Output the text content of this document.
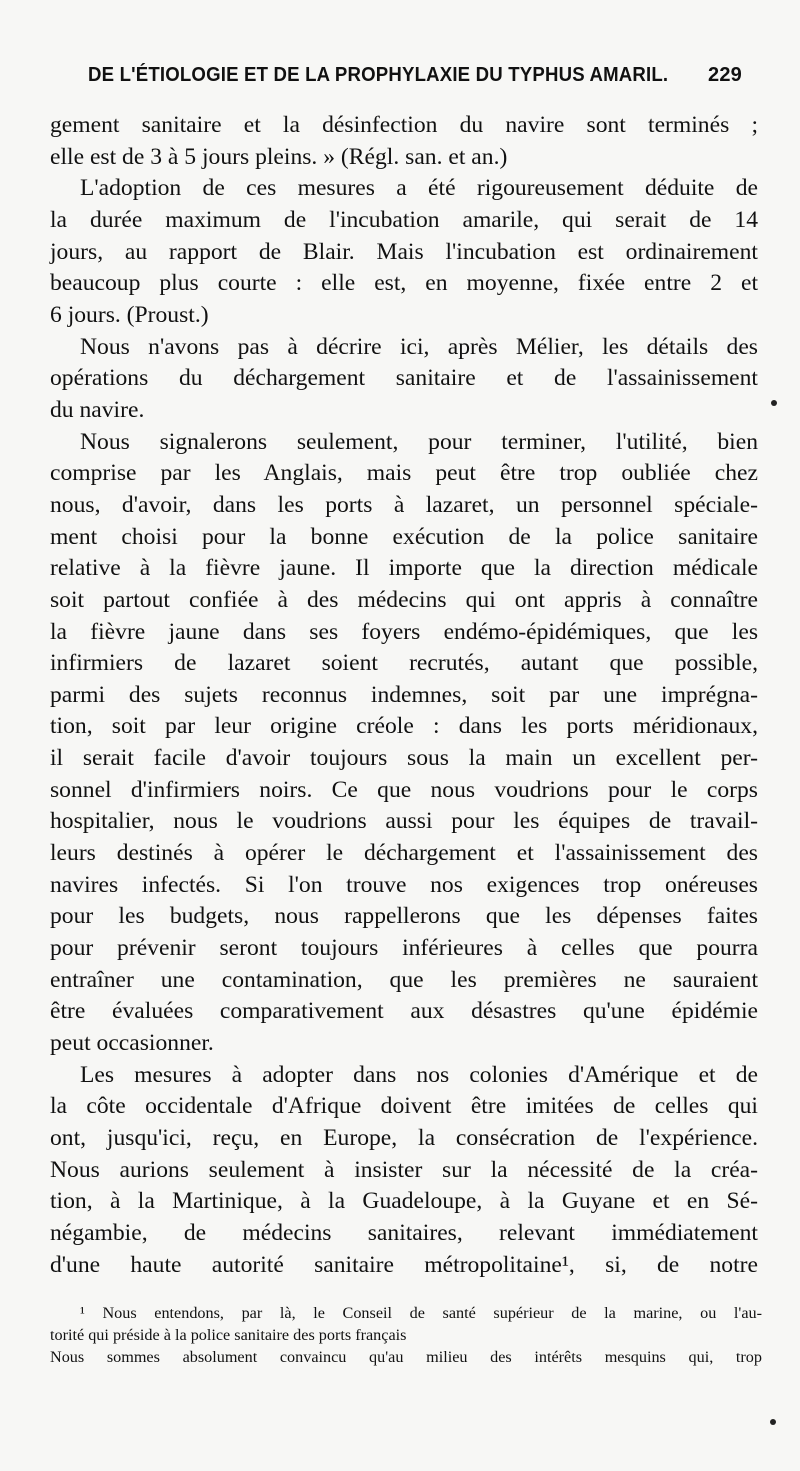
DE L'ÉTIOLOGIE ET DE LA PROPHYLAXIE DU TYPHUS AMARIL. 229
gement sanitaire et la désinfection du navire sont terminés ;
elle est de 3 à 5 jours pleins. » (Régl. san. et an.)
L'adoption de ces mesures a été rigoureusement déduite de
la durée maximum de l'incubation amarile, qui serait de 14
jours, au rapport de Blair. Mais l'incubation est ordinairement
beaucoup plus courte : elle est, en moyenne, fixée entre 2 et
6 jours. (Proust.)
Nous n'avons pas à décrire ici, après Mélier, les détails des
opérations du déchargement sanitaire et de l'assainissement
du navire.
Nous signalerons seulement, pour terminer, l'utilité, bien
comprise par les Anglais, mais peut être trop oubliée chez
nous, d'avoir, dans les ports à lazaret, un personnel spéciale-
ment choisi pour la bonne exécution de la police sanitaire
relative à la fièvre jaune. Il importe que la direction médicale
soit partout confiée à des médecins qui ont appris à connaître
la fièvre jaune dans ses foyers endémo-épidémiques, que les
infirmiers de lazaret soient recrutés, autant que possible,
parmi des sujets reconnus indemnes, soit par une imprégna-
tion, soit par leur origine créole : dans les ports méridionaux,
il serait facile d'avoir toujours sous la main un excellent per-
sonnel d'infirmiers noirs. Ce que nous voudrions pour le corps
hospitalier, nous le voudrions aussi pour les équipes de travail-
leurs destinés à opérer le déchargement et l'assainissement des
navires infectés. Si l'on trouve nos exigences trop onéreuses
pour les budgets, nous rappellerons que les dépenses faites
pour prévenir seront toujours inférieures à celles que pourra
entraîner une contamination, que les premières ne sauraient
être évaluées comparativement aux désastres qu'une épidémie
peut occasionner.
Les mesures à adopter dans nos colonies d'Amérique et de
la côte occidentale d'Afrique doivent être imitées de celles qui
ont, jusqu'ici, reçu, en Europe, la consécration de l'expérience.
Nous aurions seulement à insister sur la nécessité de la créa-
tion, à la Martinique, à la Guadeloupe, à la Guyane et en Sé-
négambie, de médecins sanitaires, relevant immédiatement
d'une haute autorité sanitaire métropolitaine¹, si, de notre
¹ Nous entendons, par là, le Conseil de santé supérieur de la marine, ou l'au-
torité qui préside à la police sanitaire des ports français
Nous sommes absolument convaincu qu'au milieu des intérêts mesquins qui, trop
